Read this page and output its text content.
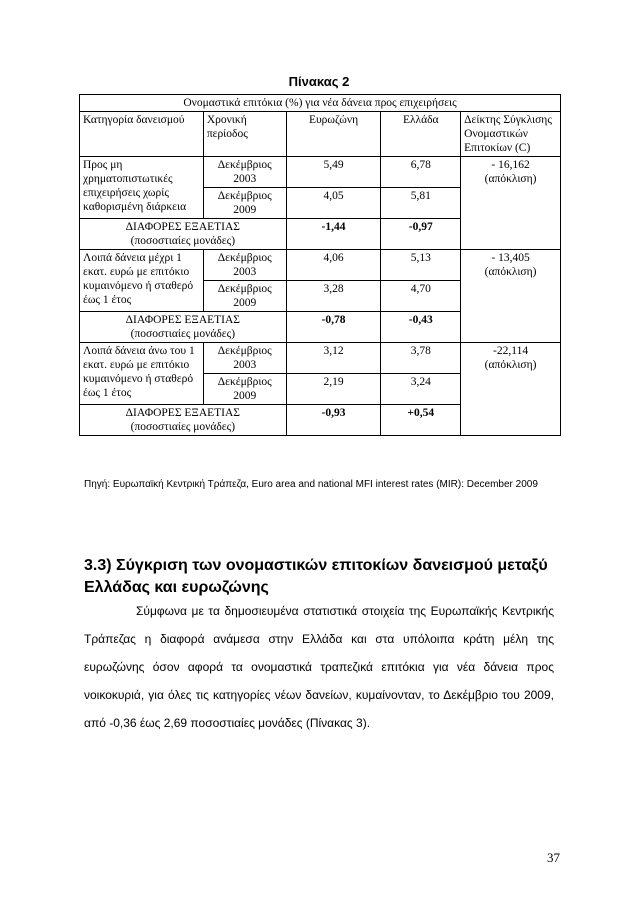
Πίνακας 2
Ονομαστικά επιτόκια (%) για νέα δάνεια προς επιχειρήσεις				
Κατηγορία δανεισμού	Χρονική περίοδος	Ευρωζώνη	Ελλάδα	Δείκτης Σύγκλισης Ονομαστικών Επιτοκίων (C)
Προς μη χρηματοπιστωτικές επιχειρήσεις χωρίς καθορισμένη διάρκεια	Δεκέμβριος 2003	5,49	6,78	- 16,162
(απόκλιση)

	Δεκέμβριος 2009	4,05	5,81	

ΔΙΑΦΟΡΕΣ ΕΞΑΕΤΙΑΣ
(ποσοστιαίες μονάδες)		-1,44	-0,97	
Λοιπά δάνεια μέχρι 1 εκατ. ευρώ με επιτόκιο κυμαινόμενο ή σταθερό έως 1 έτος	Δεκέμβριος 2003	4,06	5,13	- 13,405
(απόκλιση)

	Δεκέμβριος 2009	3,28	4,70	

ΔΙΑΦΟΡΕΣ ΕΞΑΕΤΙΑΣ
(ποσοστιαίες μονάδες)		-0,78	-0,43	
Λοιπά δάνεια άνω του 1 εκατ. ευρώ με επιτόκιο κυμαινόμενο ή σταθερό έως 1 έτος	Δεκέμβριος 2003	3,12	3,78	-22,114
(απόκλιση)

	Δεκέμβριος 2009	2,19	3,24	

ΔΙΑΦΟΡΕΣ ΕΞΑΕΤΙΑΣ
(ποσοστιαίες μονάδες)		-0,93	+0,54	
Πηγή: Ευρωπαϊκή Κεντρική Τράπεζα, Euro area and national MFI interest rates (MIR): December 2009
3.3) Σύγκριση των ονομαστικών επιτοκίων δανεισμού μεταξύ Ελλάδας και ευρωζώνης
Σύμφωνα με τα δημοσιευμένα στατιστικά στοιχεία της Ευρωπαϊκής Κεντρικής Τράπεζας η διαφορά ανάμεσα στην Ελλάδα και στα υπόλοιπα κράτη μέλη της ευρωζώνης όσον αφορά τα ονομαστικά τραπεζικά επιτόκια για νέα δάνεια προς νοικοκυριά, για όλες τις κατηγορίες νέων δανείων, κυμαίνονταν, το Δεκέμβριο του 2009, από -0,36 έως 2,69 ποσοστιαίες μονάδες (Πίνακας 3).
37
